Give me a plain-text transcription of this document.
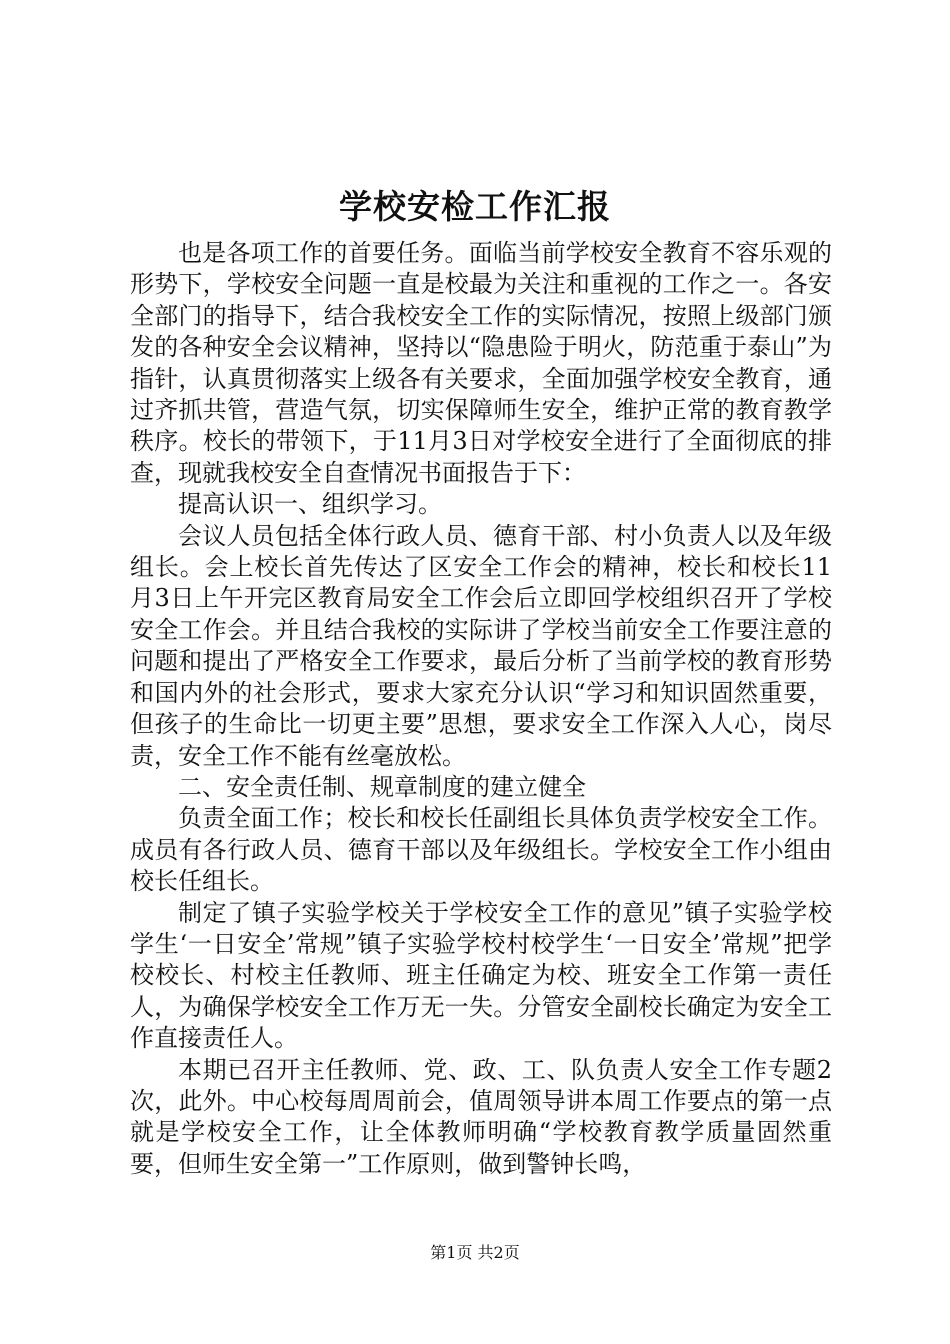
学校安检工作汇报

也是各项工作的首要任务。面临当前学校安全教育不容乐观的形势下，学校安全问题一直是校最为关注和重视的工作之一。各安全部门的指导下，结合我校安全工作的实际情况，按照上级部门颁发的各种安全会议精神，坚持以“隐患险于明火，防范重于泰山”为指针，认真贯彻落实上级各有关要求，全面加强学校安全教育，通过齐抓共管，营造气氛，切实保障师生安全，维护正常的教育教学秩序。校长的带领下，于11月3日对学校安全进行了全面彻底的排查，现就我校安全自查情况书面报告于下：

提高认识一、组织学习。

会议人员包括全体行政人员、德育干部、村小负责人以及年级组长。会上校长首先传达了区安全工作会的精神，校长和校长11月3日上午开完区教育局安全工作会后立即回学校组织召开了学校安全工作会。并且结合我校的实际讲了学校当前安全工作要注意的问题和提出了严格安全工作要求，最后分析了当前学校的教育形势和国内外的社会形式，要求大家充分认识“学习和知识固然重要，但孩子的生命比一切更主要”思想，要求安全工作深入人心，岗尽责，安全工作不能有丝毫放松。

二、安全责任制、规章制度的建立健全

负责全面工作；校长和校长任副组长具体负责学校安全工作。成员有各行政人员、德育干部以及年级组长。学校安全工作小组由校长任组长。

制定了镇子实验学校关于学校安全工作的意见”镇子实验学校学生‘一日安全’常规”镇子实验学校村校学生‘一日安全’常规”把学校校长、村校主任教师、班主任确定为校、班安全工作第一责任人，为确保学校安全工作万无一失。分管安全副校长确定为安全工作直接责任人。

本期已召开主任教师、党、政、工、队负责人安全工作专题2次，此外。中心校每周周前会，值周领导讲本周工作要点的第一点就是学校安全工作，让全体教师明确“学校教育教学质量固然重要，但师生安全第一”工作原则，做到警钟长鸣，

第1页 共2页
